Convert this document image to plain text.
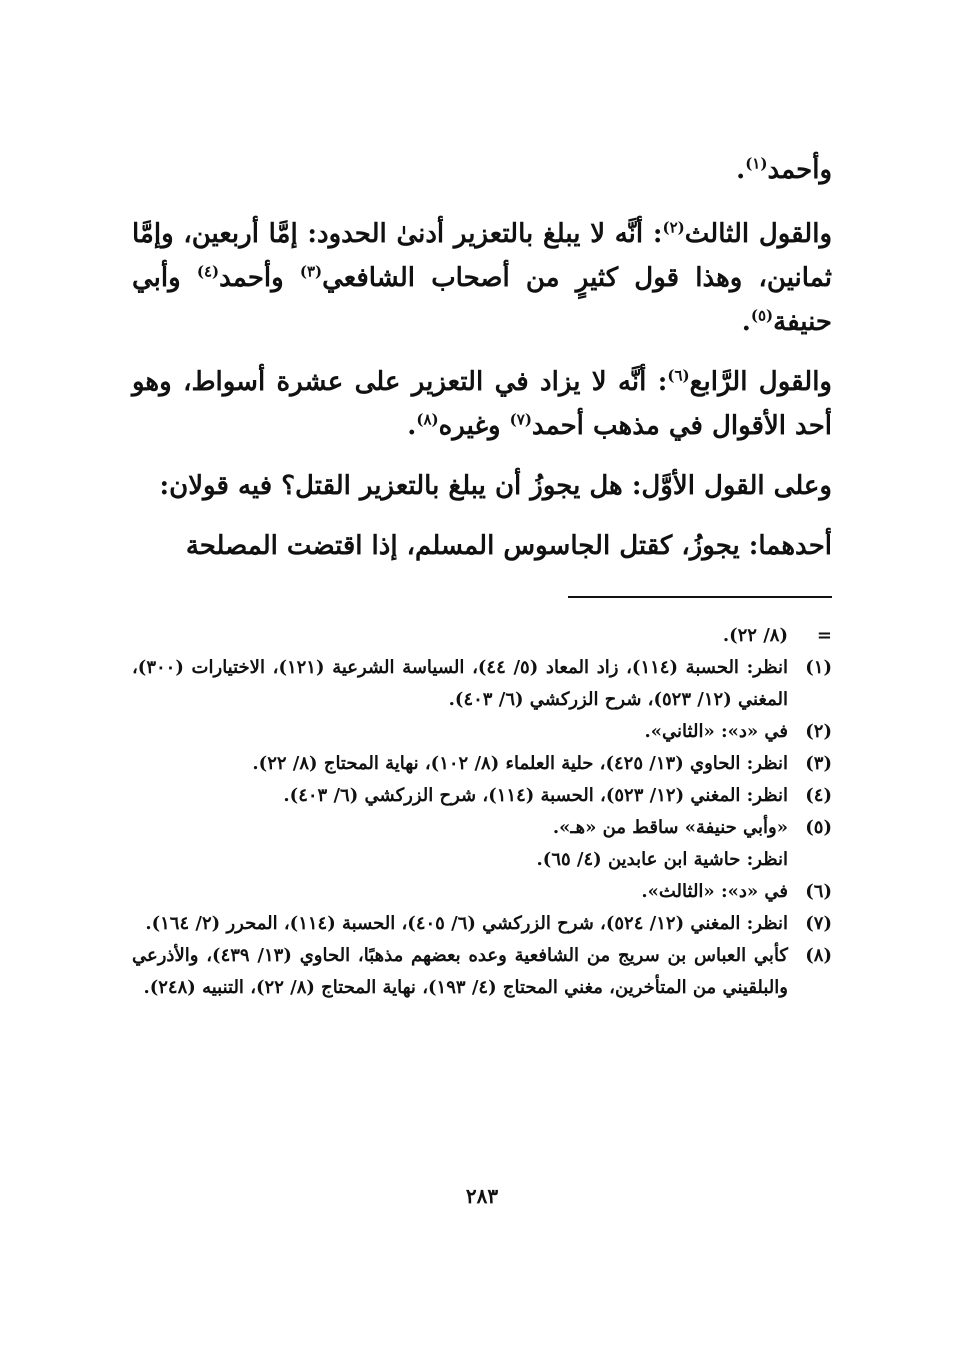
وأحمد$^{(١)}$.

والقول الثالث$^{(٢)}$: أنَّه لا يبلغ بالتعزير أدنىٰ الحدود: إمَّا أربعين، وإمَّا ثمانين، وهذا قول كثيرٍ من أصحاب الشافعي$^{(٣)}$ وأحمد$^{(٤)}$ وأبي حنيفة$^{(٥)}$.

والقول الرَّابع$^{(٦)}$: أنَّه لا يزاد في التعزير على عشرة أسواط، وهو أحد الأقوال في مذهب أحمد$^{(٧)}$ وغيره$^{(٨)}$.

وعلى القول الأوَّل: هل يجوزُ أن يبلغ بالتعزير القتل؟ فيه قولان:

أحدهما: يجوزُ، كقتل الجاسوس المسلم، إذا اقتضت المصلحة

=
(٨/ ٢٢).
(١)
انظر: الحسبة (١١٤)، زاد المعاد (٥/ ٤٤)، السياسة الشرعية (١٢١)، الاختيارات (٣٠٠)، المغني (١٢/ ٥٢٣)، شرح الزركشي (٦/ ٤٠٣).
(٢)
في «د»: «الثاني».
(٣)
انظر: الحاوي (١٣/ ٤٢٥)، حلية العلماء (٨/ ١٠٢)، نهاية المحتاج (٨/ ٢٢).
(٤)
انظر: المغني (١٢/ ٥٢٣)، الحسبة (١١٤)، شرح الزركشي (٦/ ٤٠٣).
(٥)
«وأبي حنيفة» ساقط من «هـ».
انظر: حاشية ابن عابدين (٤/ ٦٥).
(٦)
في «د»: «الثالث».
(٧)
انظر: المغني (١٢/ ٥٢٤)، شرح الزركشي (٦/ ٤٠٥)، الحسبة (١١٤)، المحرر (٢/ ١٦٤).
(٨)
كأبي العباس بن سريج من الشافعية وعده بعضهم مذهبًا، الحاوي (١٣/ ٤٣٩)، والأذرعي والبلقيني من المتأخرين، مغني المحتاج (٤/ ١٩٣)، نهاية المحتاج (٨/ ٢٢)، التنبيه (٢٤٨).
٢٨٣
